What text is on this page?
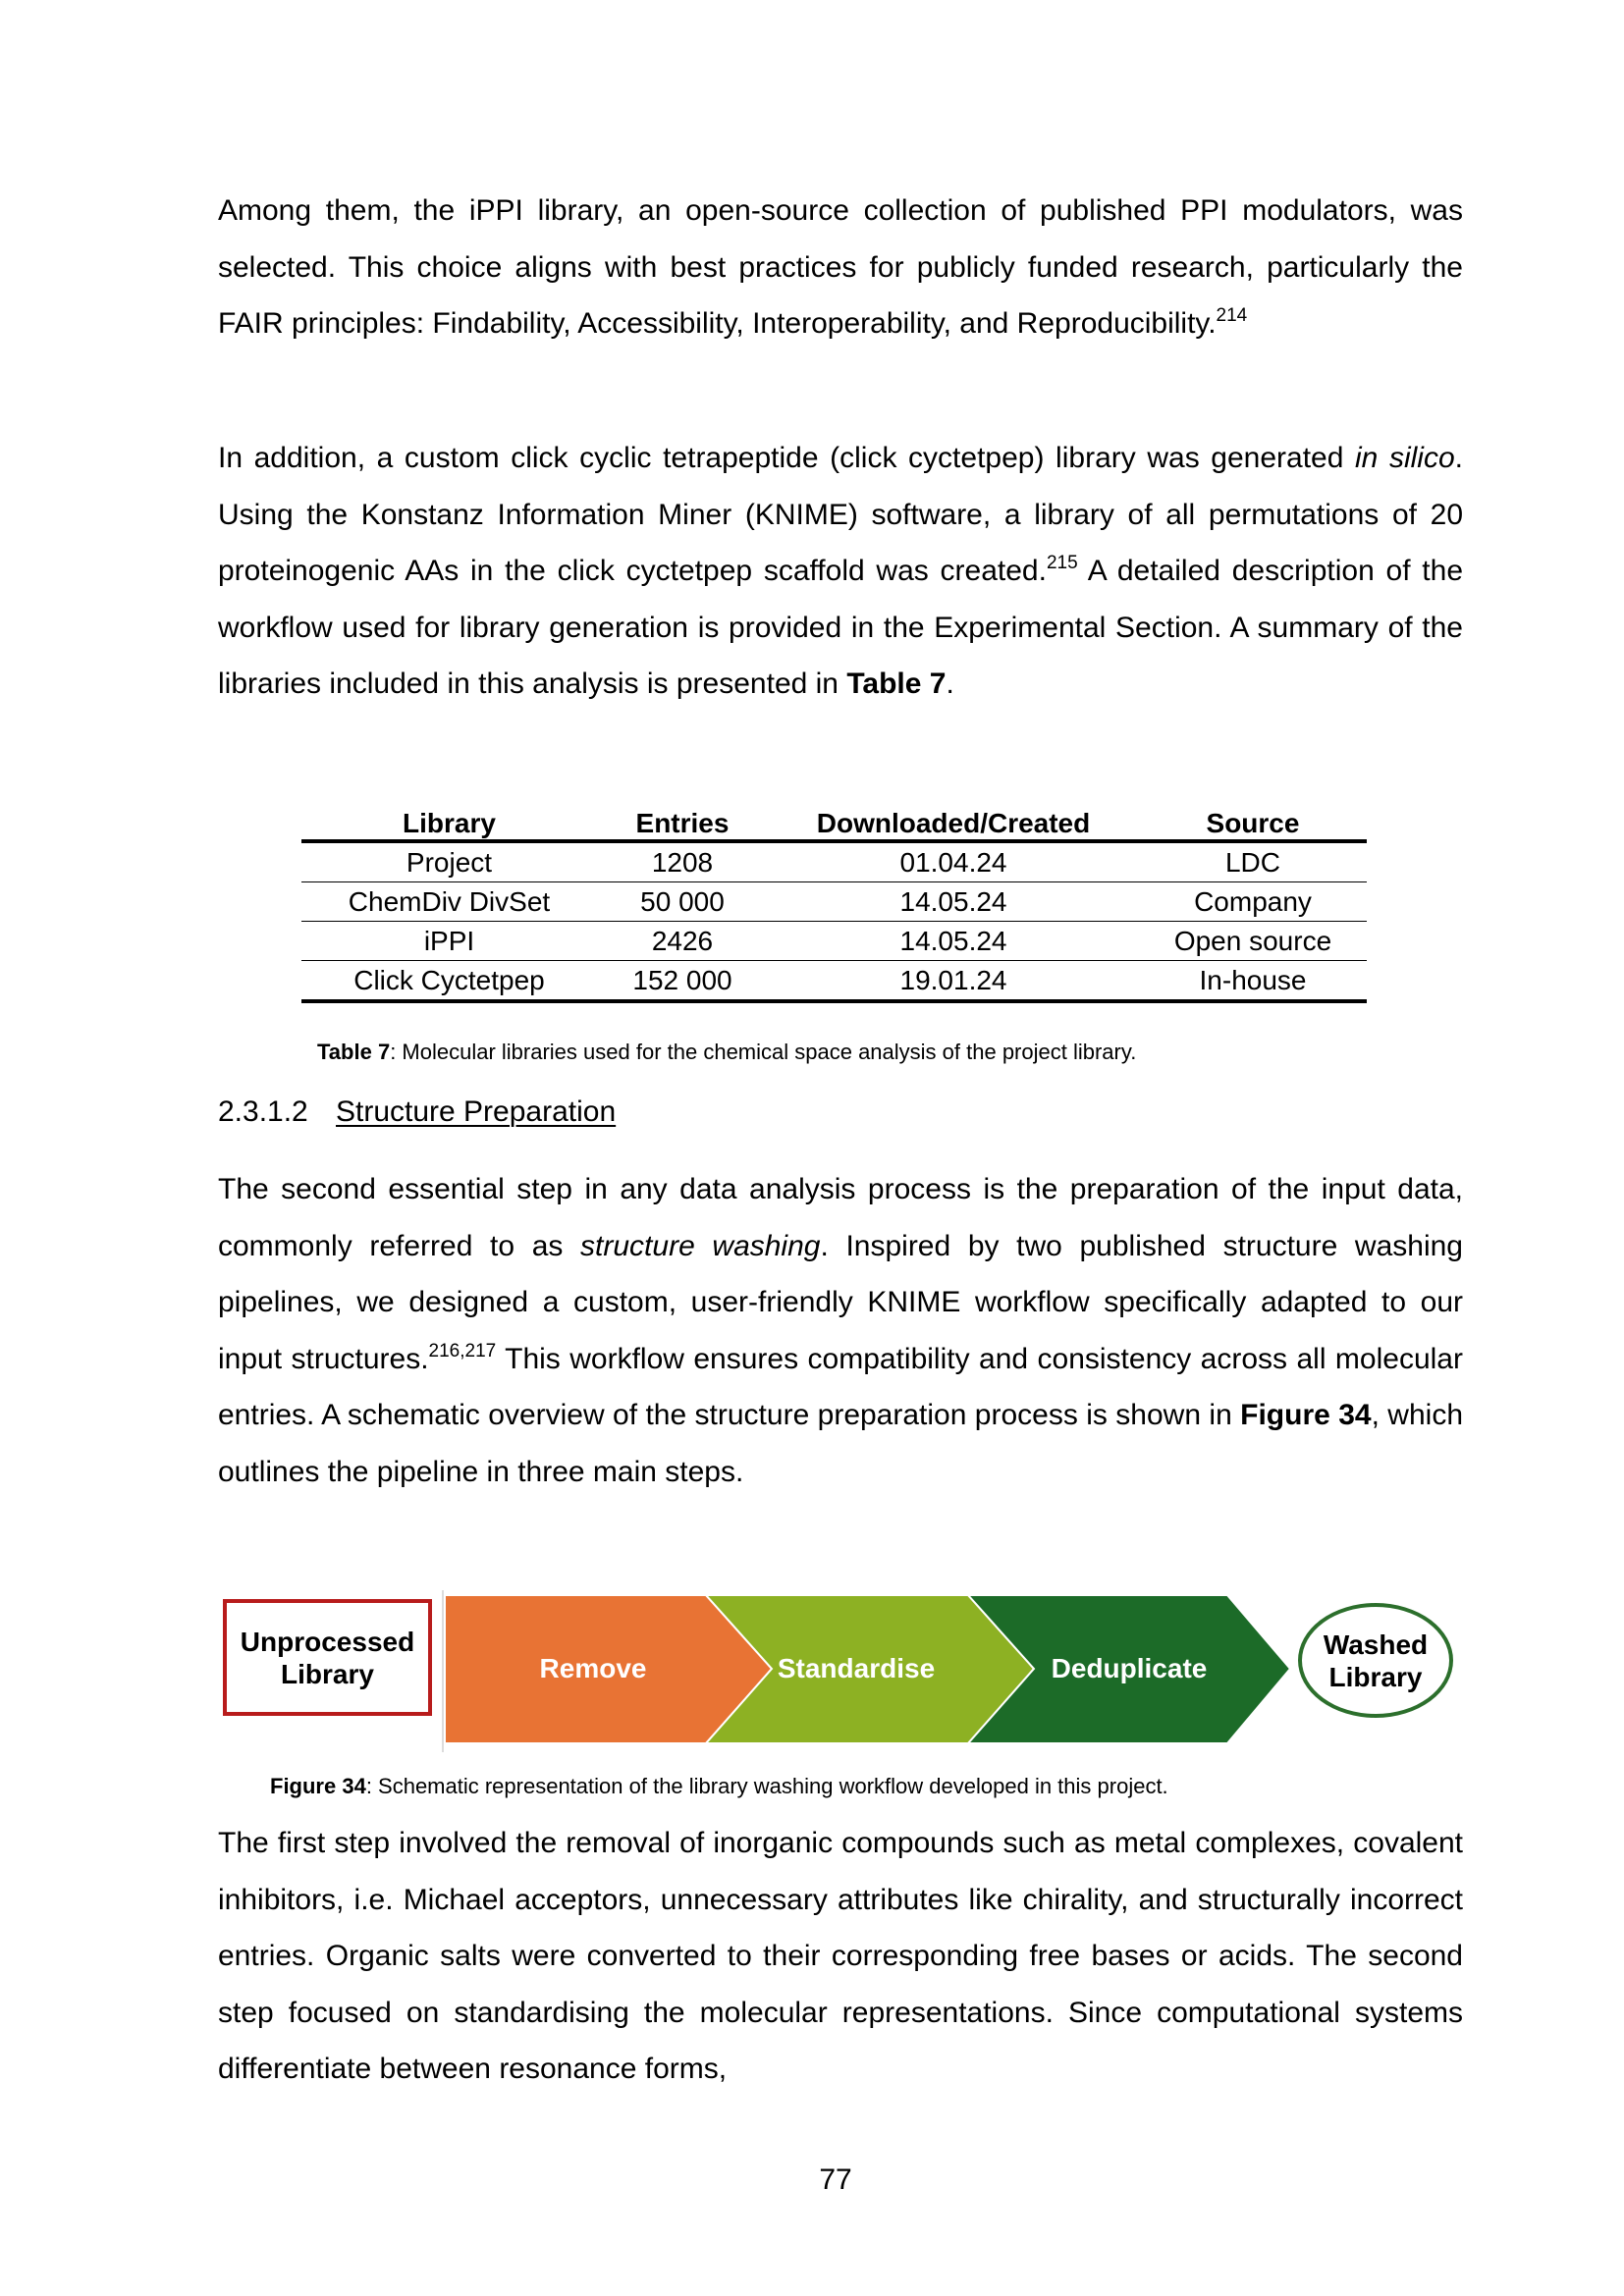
Among them, the iPPI library, an open-source collection of published PPI modulators, was selected. This choice aligns with best practices for publicly funded research, particularly the FAIR principles: Findability, Accessibility, Interoperability, and Reproducibility.$^{214}$

In addition, a custom click cyclic tetrapeptide (click cyctetpep) library was generated in silico. Using the Konstanz Information Miner (KNIME) software, a library of all permutations of 20 proteinogenic AAs in the click cyctetpep scaffold was created.$^{215}$ A detailed description of the workflow used for library generation is provided in the Experimental Section. A summary of the libraries included in this analysis is presented in Table 7.

Library	Entries	Downloaded/Created	Source
Project	1208	01.04.24	LDC
ChemDiv DivSet	50 000	14.05.24	Company
iPPI	2426	14.05.24	Open source
Click Cyctetpep	152 000	19.01.24	In-house
Table 7: Molecular libraries used for the chemical space analysis of the project library.
2.3.1.2 Structure Preparation

The second essential step in any data analysis process is the preparation of the input data, commonly referred to as structure washing. Inspired by two published structure washing pipelines, we designed a custom, user-friendly KNIME workflow specifically adapted to our input structures.$^{216,217}$ This workflow ensures compatibility and consistency across all molecular entries. A schematic overview of the structure preparation process is shown in Figure 34, which outlines the pipeline in three main steps.

Unprocessed Library	Remove	Standardise	Deduplicate
Washed Library
Figure 34: Schematic representation of the library washing workflow developed in this project.

The first step involved the removal of inorganic compounds such as metal complexes, covalent inhibitors, i.e. Michael acceptors, unnecessary attributes like chirality, and structurally incorrect entries. Organic salts were converted to their corresponding free bases or acids. The second step focused on standardising the molecular representations. Since computational systems differentiate between resonance forms,

77
